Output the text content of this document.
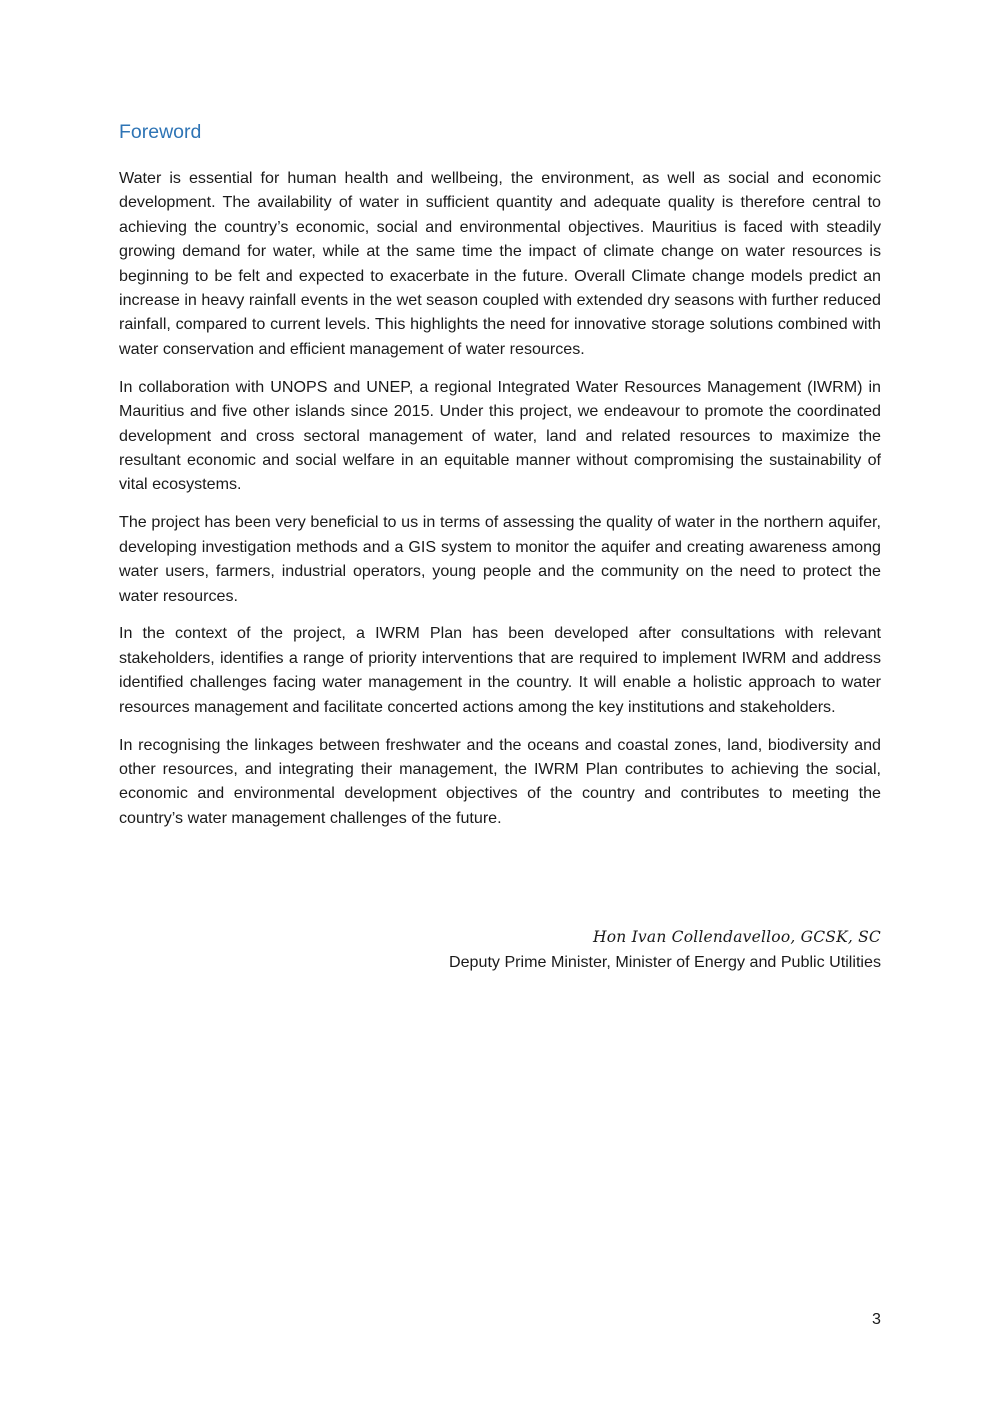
Foreword

Water is essential for human health and wellbeing, the environment, as well as social and economic development. The availability of water in sufficient quantity and adequate quality is therefore central to achieving the country’s economic, social and environmental objectives. Mauritius is faced with steadily growing demand for water, while at the same time the impact of climate change on water resources is beginning to be felt and expected to exacerbate in the future. Overall Climate change models predict an increase in heavy rainfall events in the wet season coupled with extended dry seasons with further reduced rainfall, compared to current levels. This highlights the need for innovative storage solutions combined with water conservation and efficient management of water resources.

In collaboration with UNOPS and UNEP, a regional Integrated Water Resources Management (IWRM) in Mauritius and five other islands since 2015. Under this project, we endeavour to promote the coordinated development and cross sectoral management of water, land and related resources to maximize the resultant economic and social welfare in an equitable manner without compromising the sustainability of vital ecosystems.

The project has been very beneficial to us in terms of assessing the quality of water in the northern aquifer, developing investigation methods and a GIS system to monitor the aquifer and creating awareness among water users, farmers, industrial operators, young people and the community on the need to protect the water resources.

In the context of the project, a IWRM Plan has been developed after consultations with relevant stakeholders, identifies a range of priority interventions that are required to implement IWRM and address identified challenges facing water management in the country. It will enable a holistic approach to water resources management and facilitate concerted actions among the key institutions and stakeholders.

In recognising the linkages between freshwater and the oceans and coastal zones, land, biodiversity and other resources, and integrating their management, the IWRM Plan contributes to achieving the social, economic and environmental development objectives of the country and contributes to meeting the country’s water management challenges of the future.

Hon Ivan Collendavelloo, GCSK, SC
Deputy Prime Minister, Minister of Energy and Public Utilities
3
